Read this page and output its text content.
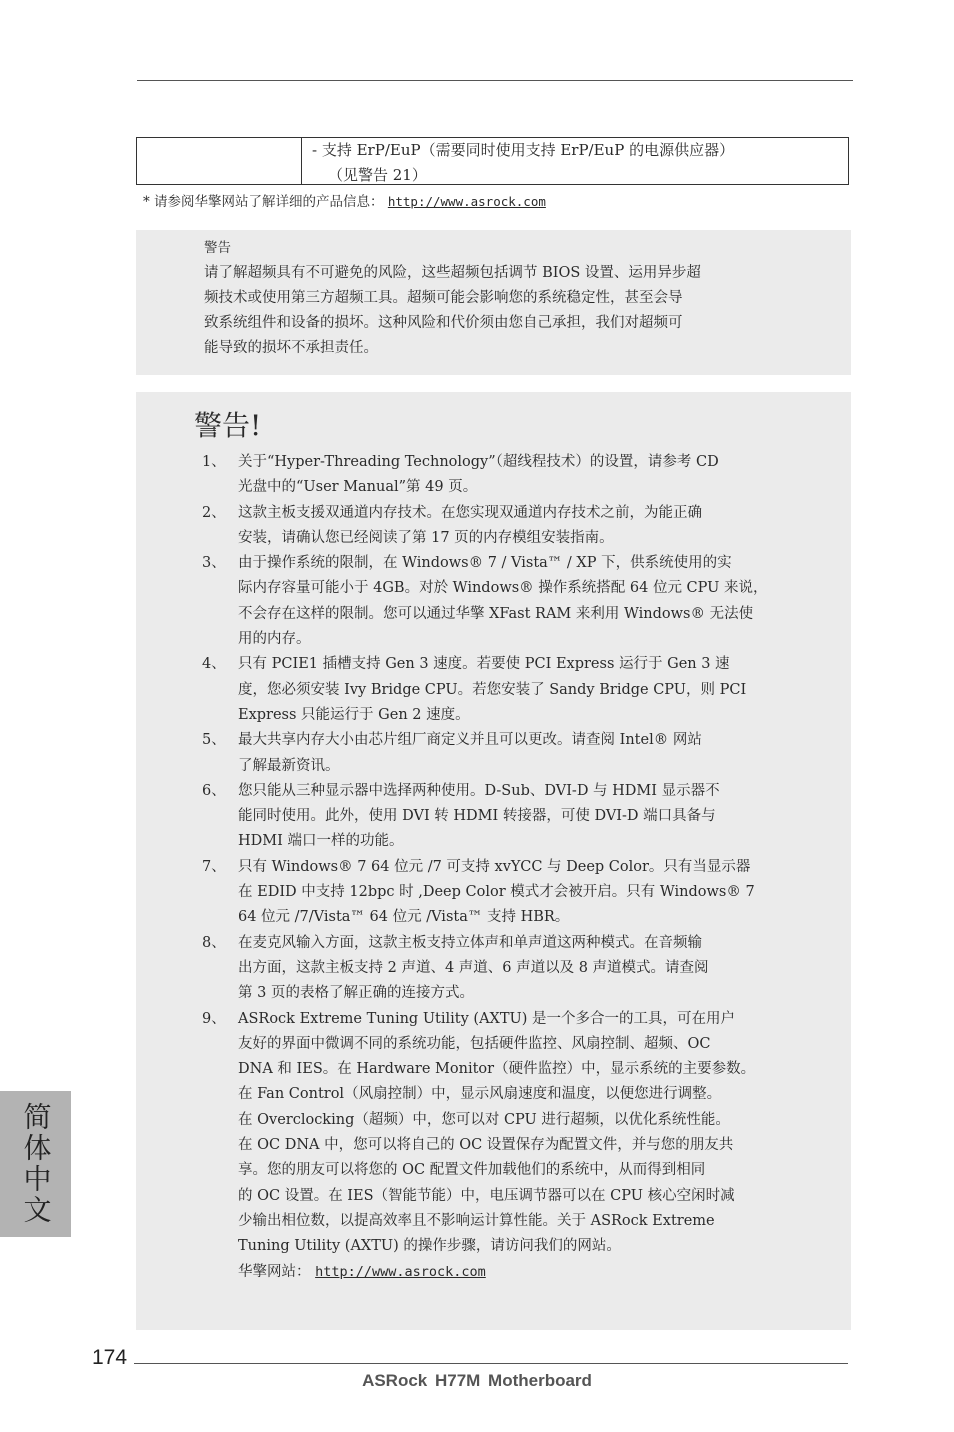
- 支持 ErP/EuP（需要同时使用支持 ErP/EuP 的电源供应器）
（见警告 21）
* 请参阅华擎网站了解详细的产品信息： http://www.asrock.com
警告
请了解超频具有不可避免的风险，这些超频包括调节 BIOS 设置、运用异步超
频技术或使用第三方超频工具。超频可能会影响您的系统稳定性，甚至会导
致系统组件和设备的损坏。这种风险和代价须由您自己承担，我们对超频可
能导致的损坏不承担责任。
警告!
1、 关于“Hyper-Threading Technology”（超线程技术）的设置，请参考 CD
光盘中的“User Manual”第 49 页。
2、 这款主板支援双通道内存技术。在您实现双通道内存技术之前，为能正确
安装，请确认您已经阅读了第 17 页的内存模组安装指南。
3、 由于操作系统的限制，在 Windows® 7 / Vista™ / XP 下，供系统使用的实
际内存容量可能小于 4GB。对於 Windows® 操作系统搭配 64 位元 CPU 来说，
不会存在这样的限制。您可以通过华擎 XFast RAM 来利用 Windows® 无法使
用的内存。
4、 只有 PCIE1 插槽支持 Gen 3 速度。若要使 PCI Express 运行于 Gen 3 速
度，您必须安装 Ivy Bridge CPU。若您安装了 Sandy Bridge CPU，则 PCI
Express 只能运行于 Gen 2 速度。
5、 最大共享内存大小由芯片组厂商定义并且可以更改。请查阅 Intel® 网站
了解最新资讯。
6、 您只能从三种显示器中选择两种使用。D-Sub、DVI-D 与 HDMI 显示器不
能同时使用。此外，使用 DVI 转 HDMI 转接器，可使 DVI-D 端口具备与
HDMI 端口一样的功能。
7、 只有 Windows® 7 64 位元 /7 可支持 xvYCC 与 Deep Color。只有当显示器
在 EDID 中支持 12bpc 时 ,Deep Color 模式才会被开启。只有 Windows® 7
64 位元 /7/Vista™ 64 位元 /Vista™ 支持 HBR。
8、 在麦克风输入方面，这款主板支持立体声和单声道这两种模式。在音频输
出方面，这款主板支持 2 声道、4 声道、6 声道以及 8 声道模式。请查阅
第 3 页的表格了解正确的连接方式。
9、 ASRock Extreme Tuning Utility (AXTU) 是一个多合一的工具，可在用户
友好的界面中微调不同的系统功能，包括硬件监控、风扇控制、超频、OC
DNA 和 IES。在 Hardware Monitor（硬件监控）中，显示系统的主要参数。
在 Fan Control（风扇控制）中，显示风扇速度和温度，以便您进行调整。
在 Overclocking（超频）中，您可以对 CPU 进行超频，以优化系统性能。
在 OC DNA 中，您可以将自己的 OC 设置保存为配置文件，并与您的朋友共
享。您的朋友可以将您的 OC 配置文件加载他们的系统中，从而得到相同
的 OC 设置。在 IES（智能节能）中，电压调节器可以在 CPU 核心空闲时减
少输出相位数，以提高效率且不影响运计算性能。关于 ASRock Extreme
Tuning Utility (AXTU) 的操作步骤，请访问我们的网站。
华擎网站： http://www.asrock.com
简体中文
174
ASRock H77M Motherboard
